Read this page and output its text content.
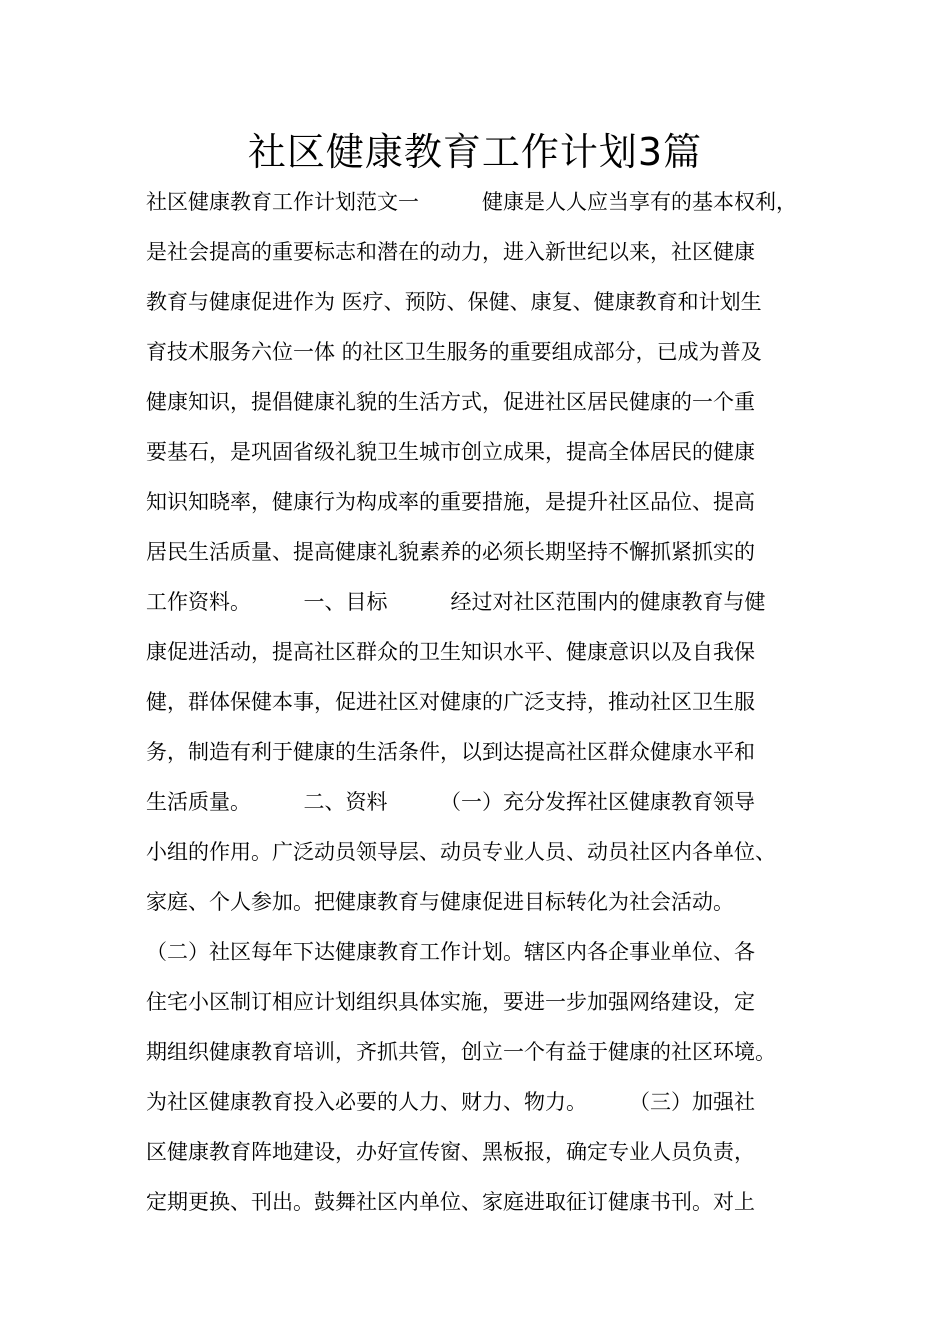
社区健康教育工作计划3篇
社区健康教育工作计划范文一　　　健康是人人应当享有的基本权利，
是社会提高的重要标志和潜在的动力，进入新世纪以来，社区健康
教育与健康促进作为 医疗、预防、保健、康复、健康教育和计划生
育技术服务六位一体 的社区卫生服务的重要组成部分，已成为普及
健康知识，提倡健康礼貌的生活方式，促进社区居民健康的一个重
要基石，是巩固省级礼貌卫生城市创立成果，提高全体居民的健康
知识知晓率，健康行为构成率的重要措施，是提升社区品位、提高
居民生活质量、提高健康礼貌素养的必须长期坚持不懈抓紧抓实的
工作资料。　　　一、目标　　　经过对社区范围内的健康教育与健
康促进活动，提高社区群众的卫生知识水平、健康意识以及自我保
健，群体保健本事，促进社区对健康的广泛支持，推动社区卫生服
务，制造有利于健康的生活条件，以到达提高社区群众健康水平和
生活质量。　　　二、资料　　　（一）充分发挥社区健康教育领导
小组的作用。广泛动员领导层、动员专业人员、动员社区内各单位、
家庭、个人参加。把健康教育与健康促进目标转化为社会活动。
（二）社区每年下达健康教育工作计划。辖区内各企事业单位、各
住宅小区制订相应计划组织具体实施，要进一步加强网络建设，定
期组织健康教育培训，齐抓共管，创立一个有益于健康的社区环境。
为社区健康教育投入必要的人力、财力、物力。　　　（三）加强社
区健康教育阵地建设，办好宣传窗、黑板报，确定专业人员负责，
定期更换、刊出。鼓舞社区内单位、家庭进取征订健康书刊。对上
